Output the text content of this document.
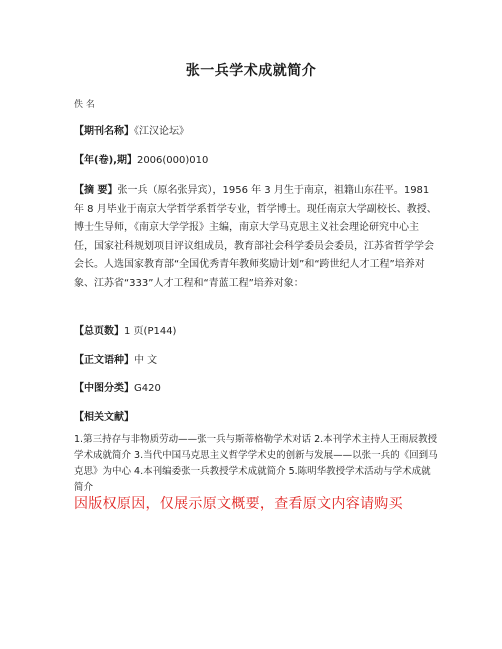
张一兵学术成就简介
佚 名
【期刊名称】《江汉论坛》
【年(卷),期】2006(000)010
【摘 要】张一兵（原名张异宾），1956 年 3 月生于南京，祖籍山东茌平。1981 年 8 月毕业于南京大学哲学系哲学专业，哲学博士。现任南京大学副校长、教授、博士生导师，《南京大学学报》主编，南京大学马克思主义社会理论研究中心主任，国家社科规划项目评议组成员，教育部社会科学委员会委员，江苏省哲学学会会长。人选国家教育部“全国优秀青年教师奖励计划”和“跨世纪人才工程”培养对象、江苏省“333”人才工程和“青蓝工程”培养对象：
【总页数】1 页(P144)
【正文语种】中 文
【中图分类】G420
【相关文献】
1.第三持存与非物质劳动——张一兵与斯蒂格勒学术对话 2.本刊学术主持人王雨辰教授学术成就简介 3.当代中国马克思主义哲学学术史的创新与发展——以张一兵的《回到马克思》为中心 4.本刊编委张一兵教授学术成就简介 5.陈明华教授学术活动与学术成就简介
因版权原因，仅展示原文概要，查看原文内容请购买
